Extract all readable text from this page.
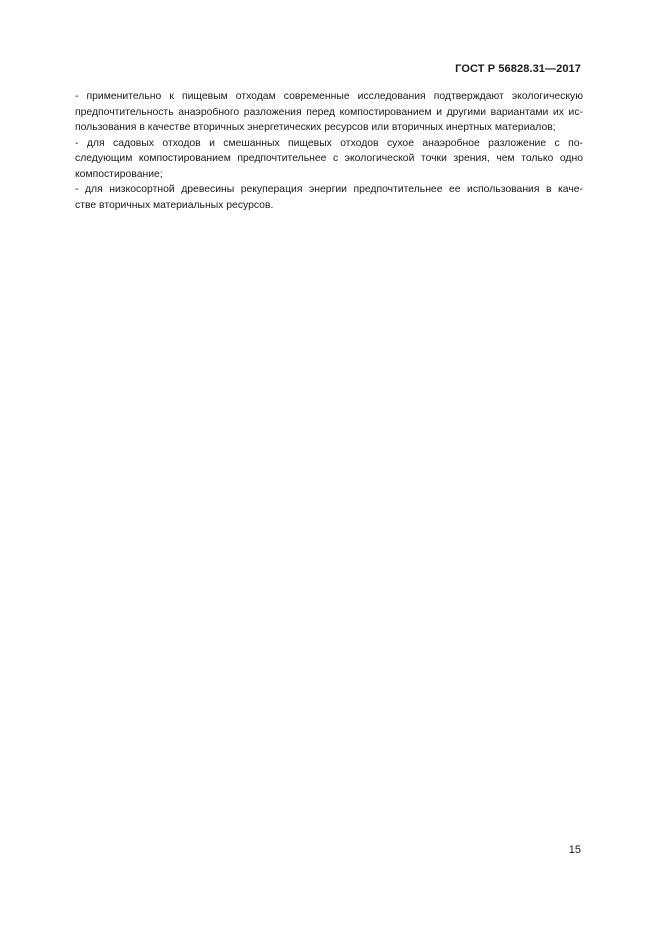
ГОСТ Р 56828.31—2017
- применительно к пищевым отходам современные исследования подтверждают экологическую
предпочтительность анаэробного разложения перед компостированием и другими вариантами их ис-
пользования в качестве вторичных энергетических ресурсов или вторичных инертных материалов;
- для садовых отходов и смешанных пищевых отходов сухое анаэробное разложение с по-
следующим компостированием предпочтительнее с экологической точки зрения, чем только одно
компостирование;
- для низкосортной древесины рекуперация энергии предпочтительнее ее использования в каче-
стве вторичных материальных ресурсов.
15
